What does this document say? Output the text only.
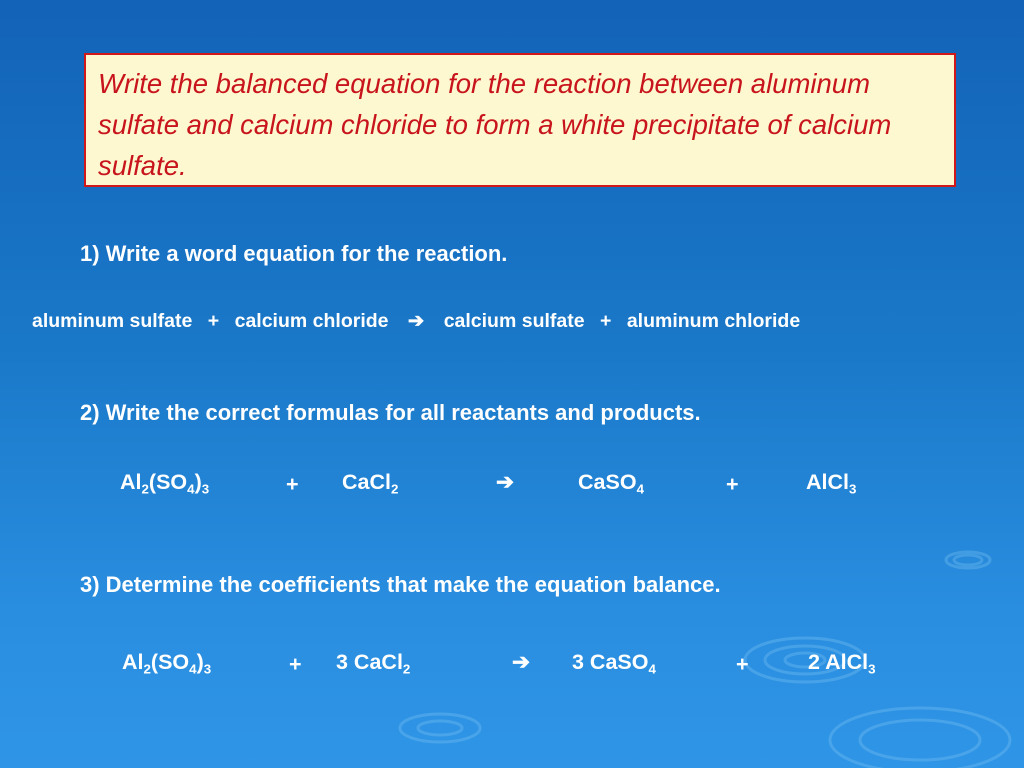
Write the balanced equation for the reaction between aluminum sulfate and calcium chloride to form a white precipitate of calcium sulfate.

1) Write a word equation for the reaction.
aluminum sulfate + calcium chloride ➔ calcium sulfate + aluminum chloride
2) Write the correct formulas for all reactants and products.
$Al_2(SO_4)_3$	+ CaCl$_2$	➔	CaSO$_4$	+	AlCl$_3$
3) Determine the coefficients that make the equation balance.
$Al_2(SO_4)_3$	+ 3 CaCl$_2$	➔ 3 CaSO$_4$	+	2 AlCl$_3$
